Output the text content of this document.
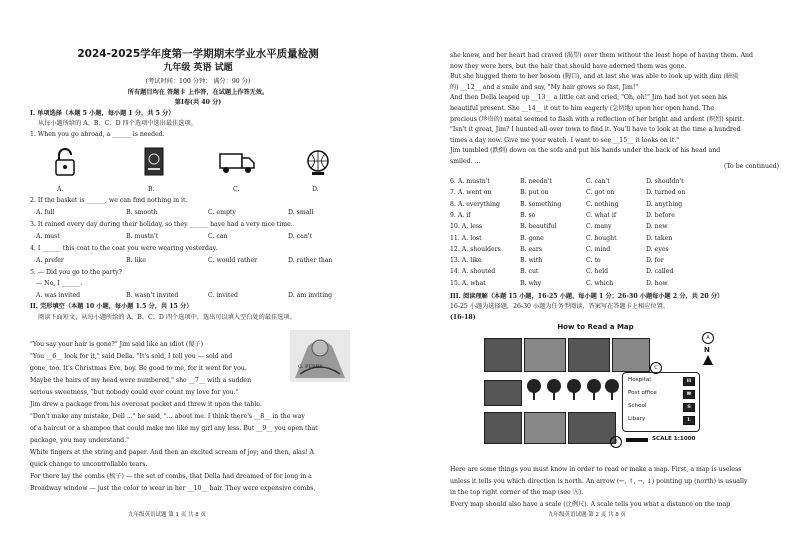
2024-2025学年度第一学期期末学业水平质量检测
九年级 英语 试题
(考试时间：100 分钟； 满分：90 分)
所有题目均在 答题卡 上作答，在试题上作答无效。
第Ⅰ卷(共 40 分)
I. 单项选择（本题 5 小题，每小题 1 分，共 5 分）
从每小题所给的 A、B、C、D 四个选项中选出最佳选项。
1. When you go abroad, a ______ is needed.
A.	B.	C.	D.
2. If the basket is ______, we can find nothing in it.
A. full	B. smooth	C. empty	D. small
3. It rained every day during their holiday, so they ______ have had a very nice time.
A. must	B. mustn't	C. can	D. can't
4. I ______ this coat to the coat you were wearing yesterday.
A. prefer	B. like	C. would rather	D. rather than
5. — Did you go to the party?
— No, I ______.
A. was invited	B. wasn't invited	C. invited	D. am inviting
II. 完形填空（本题 10 小题，每小题 1.5 分，共 15 分）
阅读下面短文，从每小题所给的 A、B、C、D 四个选项中，选出可以填入空白处的最佳选项。
G. PERRY
"You say your hair is gone?" Jim said like an idiot (傻子)
"You __6__ look for it," said Della. "It's sold, I tell you — sold and
gone, too. It's Christmas Eve, boy. Be good to me, for it went for you.
Maybe the hairs of my head were numbered," she __7__ with a sudden
serious sweetness, "but nobody could ever count my love for you."
Jim drew a package from his overcoat pocket and threw it upon the table.
"Don't make any mistake, Dell ..." he said, "... about me. I think there's __8__ in the way
of a haircut or a shampoo that could make me like my girl any less. But __9__ you open that
package, you may understand."
White fingers at the string and paper. And then an excited scream of joy; and then, alas! A
quick change to uncontrollable tears.
For there lay the combs (梳子) — the set of combs, that Della had dreamed of for long in a
Broadway window — just the color to wear in her __10__ hair. They were expensive combs,
九年级英语试题 第 1 页 共 8 页
she knew, and her heart had craved (渴望) over them without the least hope of having them. And
now they were hers, but the hair that should have adorned them was gone.
But she hugged them to her bosom (胸口), and at last she was able to look up with dim (暗淡
的) __12__ and a smile and say, "My hair grows so fast, Jim!"
And then Della leaped up __13__ a little cat and cried, "Oh, oh!" Jim had not yet seen his
beautiful present. She __14__ it out to him eagerly (急切地) upon her open hand. The
precious (珍贵的) metal seemed to flash with a reflection of her bright and ardent (炽烈) spirit.
"Isn't it great, Jim? I hunted all over town to find it. You'll have to look at the time a hundred
times a day now. Give me your watch. I want to see __15__ it looks on it."
Jim tumbled (跌倒) down on the sofa and put his hands under the back of his head and
smiled. ...
(To be continued)
6. A. mustn't	B. needn't	C. can't	D. shouldn't
7. A. went on	B. put on	C. got on	D. turned on
8. A. everything	B. something	C. nothing	D. anything
9. A. if	B. so	C. what if	D. before
10. A. less	B. beautiful	C. many	D. new
11. A. lost	B. gone	C. bought	D. taken
12. A. shoulders	B. ears	C. mind	D. eyes
13. A. like	B. with	C. to	D. for
14. A. shouted	B. cut	C. held	D. called
15. A. what	B. why	C. which	D. how
III. 阅读理解（本题 15 小题，16-25 小题，每小题 1 分；26-30 小题每小题 2 分，共 20 分）
16-25 小题为选择题，26-30 小题为任务型阅读，答案写在答题卡上相应位置。
(16-18)
How to Read a Map
Hospital	H
Post office	✉
School	S
Libary	L
C
A
N
B	SCALE 1:1000
Here are some things you must know in order to read or make a map. First, a map is useless
unless it tells you which direction is north. An arrow (←, ↑, →, ↓) pointing up (north) is usually
in the top right corner of the map (see Ⓐ).
Every map should also have a scale (比例尺). A scale tells you what a distance on the map
九年级英语试题 第 2 页 共 8 页
